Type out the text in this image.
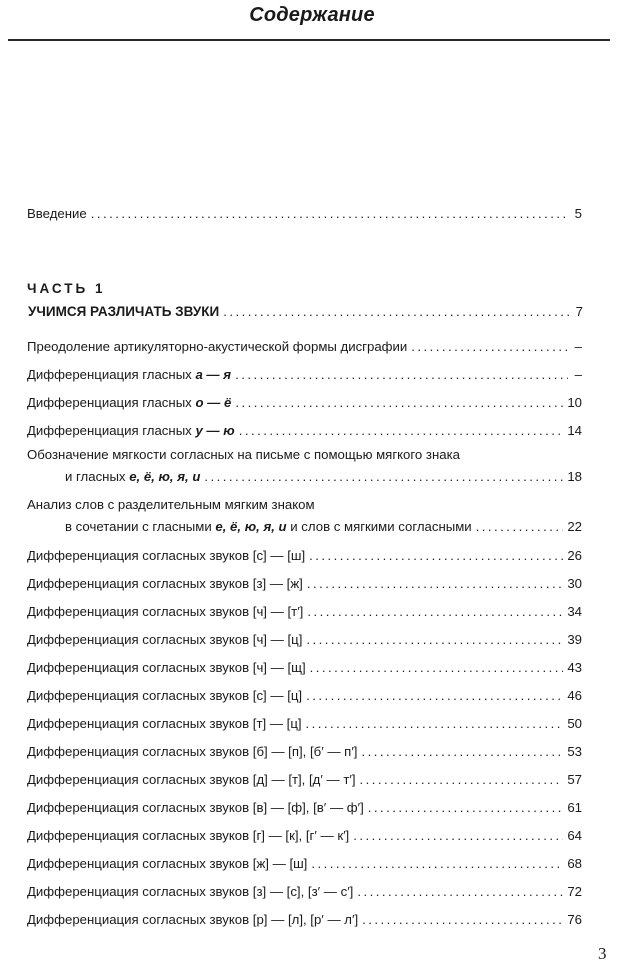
Содержание
Введение . . .	5
ЧАСТЬ 1
УЧИМСЯ РАЗЛИЧАТЬ ЗВУКИ . . .	7
Преодоление артикуляторно-акустической формы дисграфии . . .	–
Дифференциация гласных а — я . . .	–
Дифференциация гласных о — ё . . .	10
Дифференциация гласных у — ю . . .	14
Обозначение мягкости согласных на письме с помощью мягкого знака
и гласных е, ё, ю, я, и . . .	18
Анализ слов с разделительным мягким знаком
в сочетании с гласными е, ё, ю, я, и и слов с мягкими согласными . . .	22
Дифференциация согласных звуков [с] — [ш] . . .	26
Дифференциация согласных звуков [з] — [ж] . . .	30
Дифференциация согласных звуков [ч] — [т′] . . .	34
Дифференциация согласных звуков [ч] — [ц] . . .	39
Дифференциация согласных звуков [ч] — [щ] . . .	43
Дифференциация согласных звуков [с] — [ц] . . .	46
Дифференциация согласных звуков [т] — [ц] . . .	50
Дифференциация согласных звуков [б] — [п], [б′ — п′] . . .	53
Дифференциация согласных звуков [д] — [т], [д′ — т′] . . .	57
Дифференциация согласных звуков [в] — [ф], [в′ — ф′] . . .	61
Дифференциация согласных звуков [г] — [к], [г′ — к′] . . .	64
Дифференциация согласных звуков [ж] — [ш] . . .	68
Дифференциация согласных звуков [з] — [с], [з′ — с′] . . .	72
Дифференциация согласных звуков [р] — [л], [р′ — л′] . . .	76
3
